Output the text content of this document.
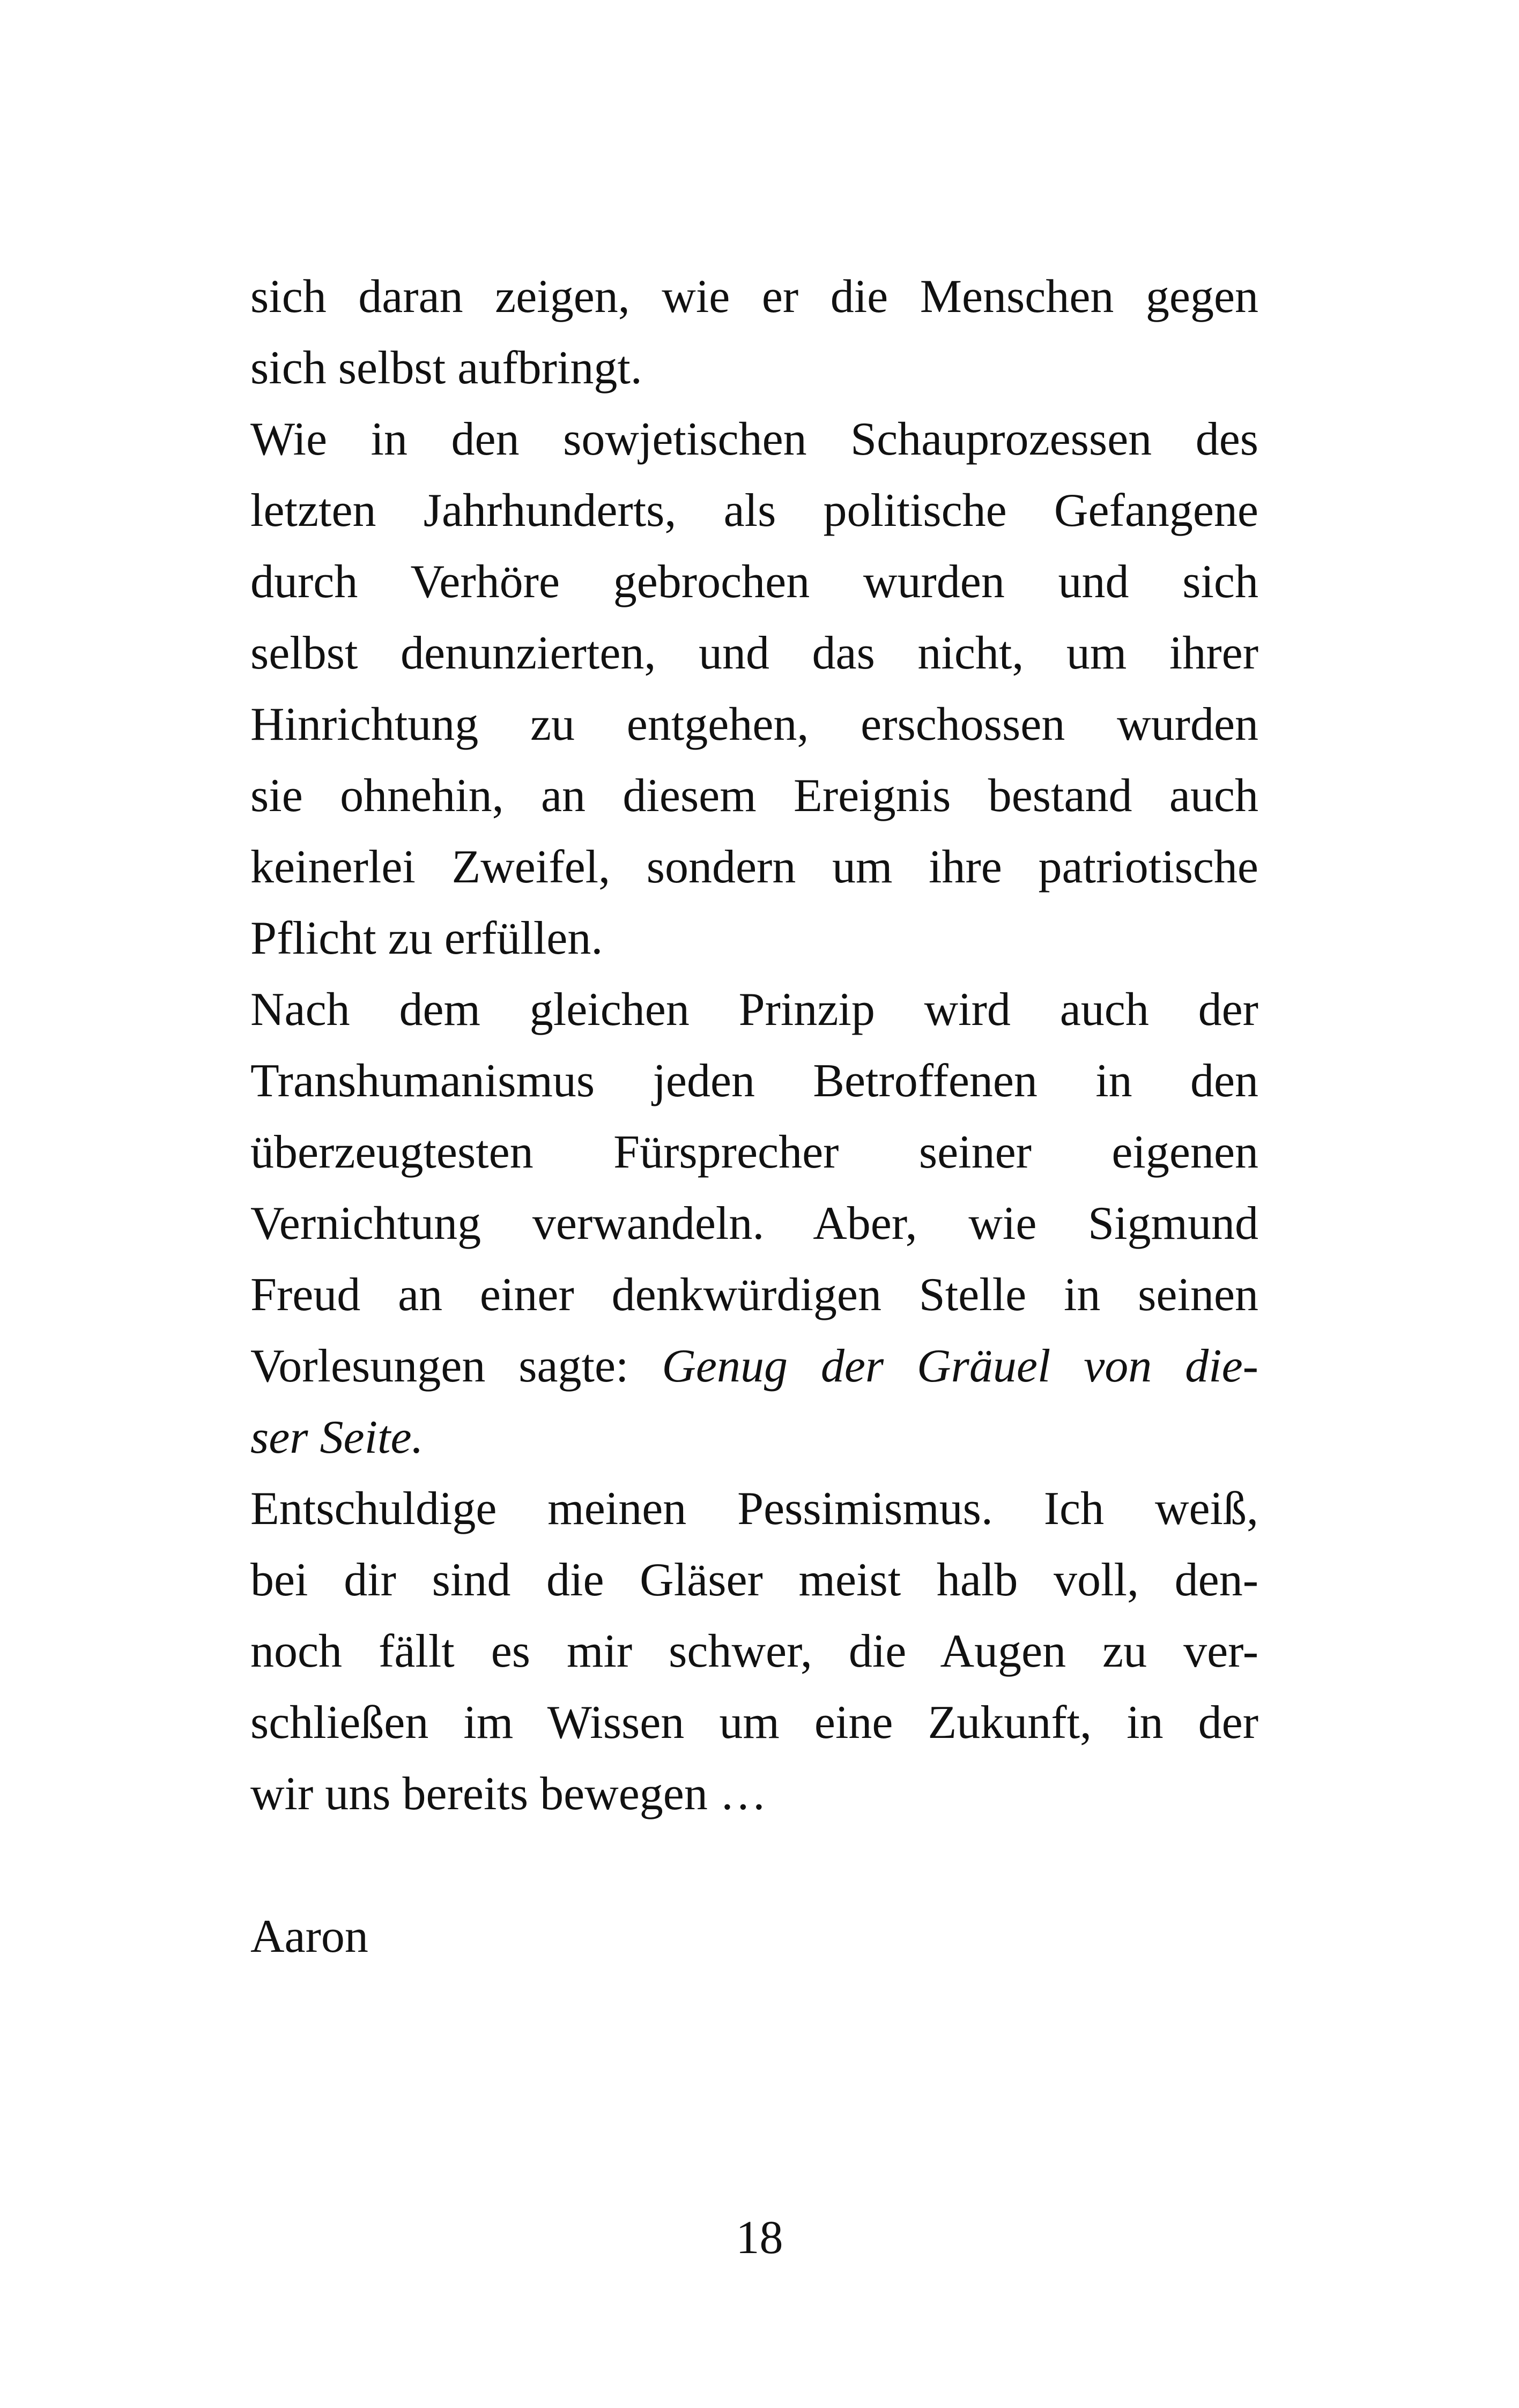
sich daran zeigen, wie er die Menschen gegen
sich selbst aufbringt.
Wie in den sowjetischen Schauprozessen des
letzten Jahrhunderts, als politische Gefangene
durch Verhöre gebrochen wurden und sich
selbst denunzierten, und das nicht, um ihrer
Hinrichtung zu entgehen, erschossen wurden
sie ohnehin, an diesem Ereignis bestand auch
keinerlei Zweifel, sondern um ihre patriotische
Pflicht zu erfüllen.
Nach dem gleichen Prinzip wird auch der
Transhumanismus jeden Betroffenen in den
überzeugtesten Fürsprecher seiner eigenen
Vernichtung verwandeln. Aber, wie Sigmund
Freud an einer denkwürdigen Stelle in seinen
Vorlesungen sagte: Genug der Gräuel von die-
ser Seite.
Entschuldige meinen Pessimismus. Ich weiß,
bei dir sind die Gläser meist halb voll, den-
noch fällt es mir schwer, die Augen zu ver-
schließen im Wissen um eine Zukunft, in der
wir uns bereits bewegen …
Aaron
18
